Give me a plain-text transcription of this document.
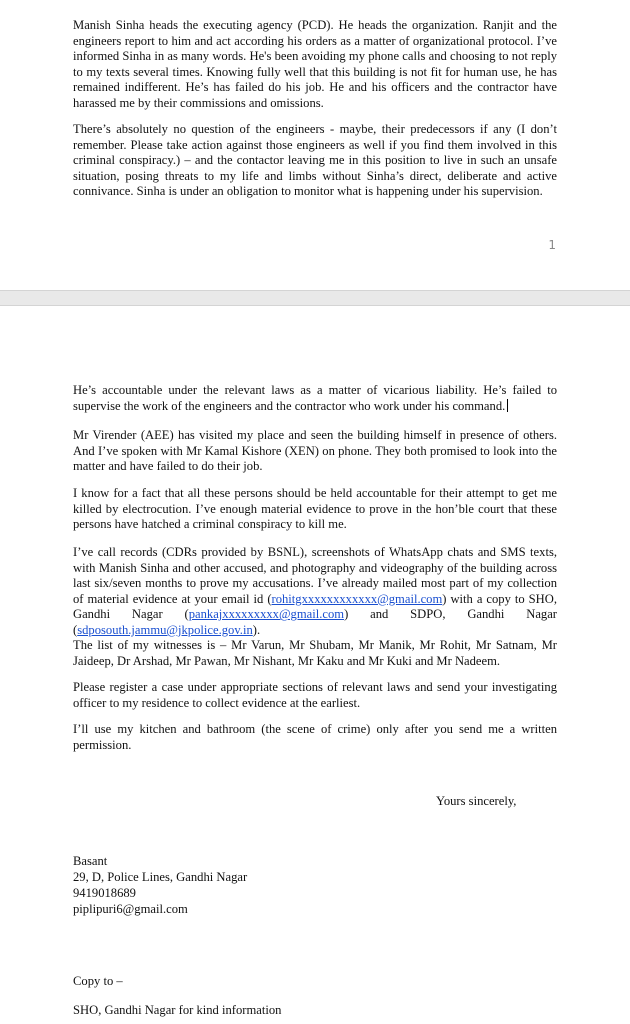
Manish Sinha heads the executing agency (PCD). He heads the organization. Ranjit and the engineers report to him and act according his orders as a matter of organizational protocol. I’ve informed Sinha in as many words. He's been avoiding my phone calls and choosing to not reply to my texts several times. Knowing fully well that this building is not fit for human use, he has remained indifferent. He’s has failed do his job. He and his officers and the contractor have harassed me by their commissions and omissions.

There’s absolutely no question of the engineers - maybe, their predecessors if any (I don’t remember. Please take action against those engineers as well if you find them involved in this criminal conspiracy.) – and the contactor leaving me in this position to live in such an unsafe situation, posing threats to my life and limbs without Sinha’s direct, deliberate and active connivance. Sinha is under an obligation to monitor what is happening under his supervision.

1

He’s accountable under the relevant laws as a matter of vicarious liability. He’s failed to supervise the work of the engineers and the contractor who work under his command.

Mr Virender (AEE) has visited my place and seen the building himself in presence of others. And I’ve spoken with Mr Kamal Kishore (XEN) on phone. They both promised to look into the matter and have failed to do their job.

I know for a fact that all these persons should be held accountable for their attempt to get me killed by electrocution. I’ve enough material evidence to prove in the hon’ble court that these persons have hatched a criminal conspiracy to kill me.

I’ve call records (CDRs provided by BSNL), screenshots of WhatsApp chats and SMS texts, with Manish Sinha and other accused, and photography and videography of the building across last six/seven months to prove my accusations. I’ve already mailed most part of my collection of material evidence at your email id (rohitgxxxxxxxxxxxx@gmail.com) with a copy to SHO, Gandhi Nagar (pankajxxxxxxxxx@gmail.com) and SDPO, Gandhi Nagar (sdposouth.jammu@jkpolice.gov.in).

The list of my witnesses is – Mr Varun, Mr Shubam, Mr Manik, Mr Rohit, Mr Satnam, Mr Jaideep, Dr Arshad, Mr Pawan, Mr Nishant, Mr Kaku and Mr Kuki and Mr Nadeem.

Please register a case under appropriate sections of relevant laws and send your investigating officer to my residence to collect evidence at the earliest.

I’ll use my kitchen and bathroom (the scene of crime) only after you send me a written permission.

Yours sincerely,

Basant

29, D, Police Lines, Gandhi Nagar

9419018689

piplipuri6@gmail.com

Copy to –

SHO, Gandhi Nagar for kind information
